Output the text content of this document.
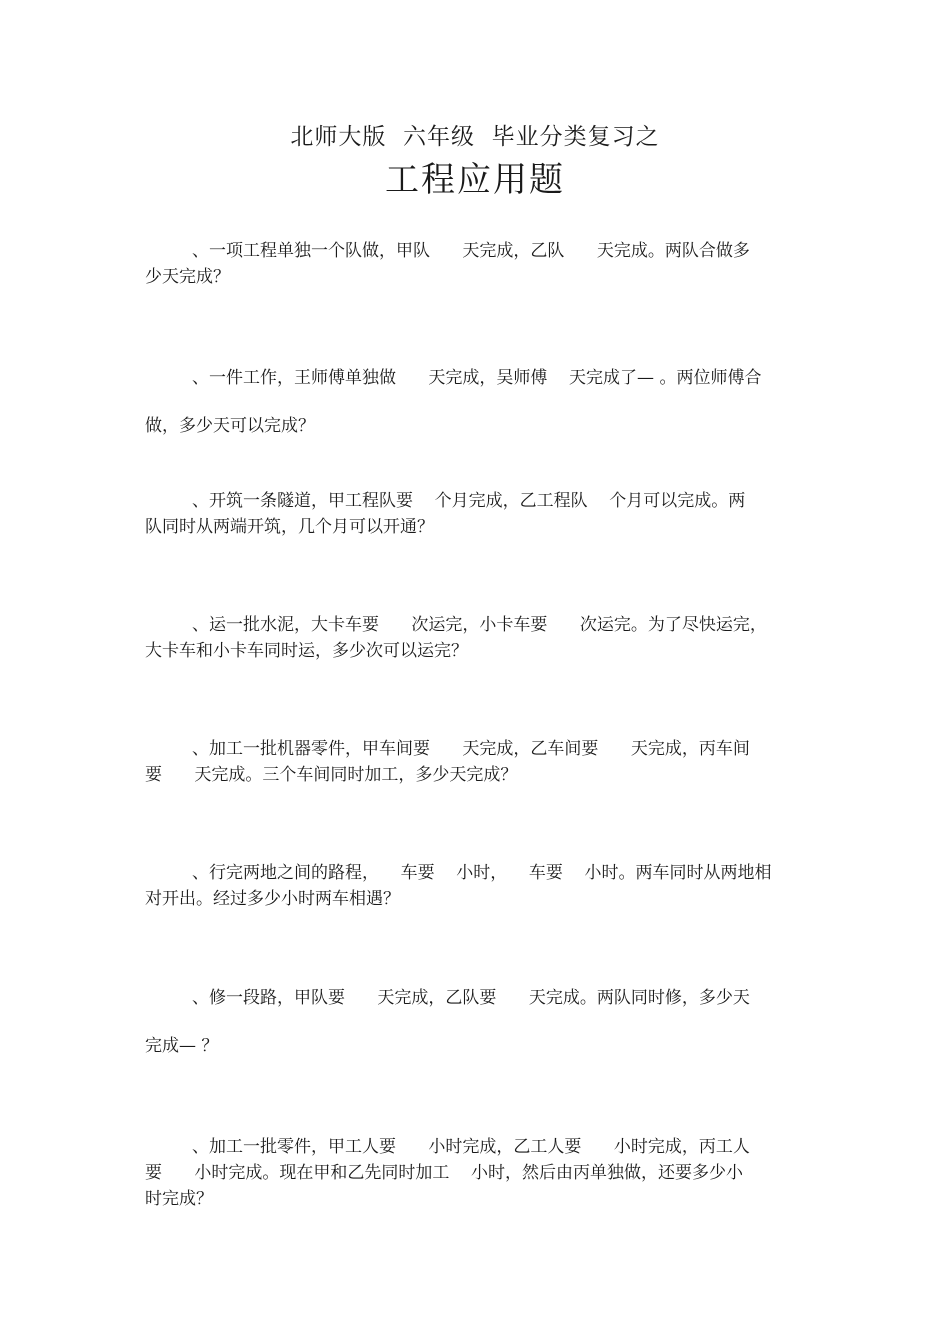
北师大版  六年级  毕业分类复习之
工程应用题
、一项工程单独一个队做，甲队      天完成，乙队      天完成。两队合做多
少天完成？
、一件工作，王师傅单独做      天完成，吴师傅    天完成了— 。两位师傅合
做，多少天可以完成？
、开筑一条隧道，甲工程队要    个月完成，乙工程队    个月可以完成。两
队同时从两端开筑，几个月可以开通？
、运一批水泥，大卡车要      次运完，小卡车要      次运完。为了尽快运完，
大卡车和小卡车同时运，多少次可以运完？
、加工一批机器零件，甲车间要      天完成，乙车间要      天完成，丙车间
要      天完成。三个车间同时加工，多少天完成？
、行完两地之间的路程，    车要    小时，    车要    小时。两车同时从两地相
对开出。经过多少小时两车相遇？
、修一段路，甲队要      天完成，乙队要      天完成。两队同时修，多少天
完成— ？
、加工一批零件，甲工人要      小时完成，乙工人要      小时完成，丙工人
要      小时完成。现在甲和乙先同时加工    小时，然后由丙单独做，还要多少小
时完成？
